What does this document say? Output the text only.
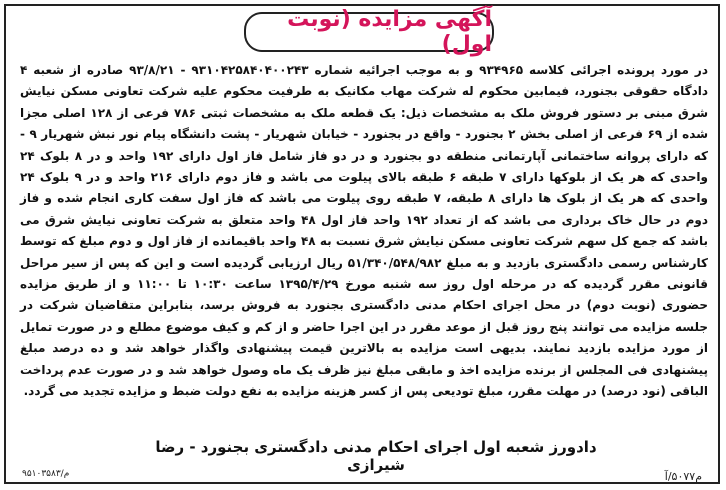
آگهی مزایده (نوبت اول)

در مورد پرونده اجرائی کلاسه ۹۳۴۹۶۵ و به موجب اجرائیه شماره ۹۳۱۰۴۲۵۸۴۰۴۰۰۲۴۳ - ۹۳/۸/۲۱ صادره از شعبه ۴ دادگاه حقوقی بجنورد، فیمابین محکوم له شرکت مهاب مکانیک به طرفیت محکوم علیه شرکت تعاونی مسکن نیایش شرق مبنی بر دستور فروش ملک به مشخصات ذیل: یک قطعه ملک به مشخصات ثبتی ۷۸۶ فرعی از ۱۲۸ اصلی مجزا شده از ۶۹ فرعی از اصلی بخش ۲ بجنورد - واقع در بجنورد - خیابان شهریار - پشت دانشگاه پیام نور نبش شهریار ۹ - که دارای پروانه ساختمانی آپارتمانی منطقه دو بجنورد و در دو فاز شامل فاز اول دارای ۱۹۲ واحد و در ۸ بلوک ۲۴ واحدی که هر یک از بلوکها دارای ۷ طبقه ۶ طبقه بالای پیلوت می باشد و فاز دوم دارای ۲۱۶ واحد و در ۹ بلوک ۲۴ واحدی که هر یک از بلوک ها دارای ۸ طبقه، ۷ طبقه روی پیلوت می باشد که فاز اول سفت کاری انجام شده و فاز دوم در حال خاک برداری می باشد که از تعداد ۱۹۲ واحد فاز اول ۴۸ واحد متعلق به شرکت تعاونی نیایش شرق می باشد که جمع کل سهم شرکت تعاونی مسکن نیایش شرق نسبت به ۴۸ واحد باقیمانده از فاز اول و دوم مبلغ که توسط کارشناس رسمی دادگستری بازدید و به مبلغ ۵۱/۳۴۰/۵۴۸/۹۸۲ ریال ارزیابی گردیده است و این که پس از سیر مراحل قانونی مقرر گردیده که در مرحله اول روز سه شنبه مورخ ۱۳۹۵/۴/۲۹ ساعت ۱۰:۳۰ تا ۱۱:۰۰ و از طریق مزایده حضوری (نوبت دوم) در محل اجرای احکام مدنی دادگستری بجنورد به فروش برسد، بنابراین متقاضیان شرکت در جلسه مزایده می توانند پنج روز قبل از موعد مقرر در این اجرا حاضر و از کم و کیف موضوع مطلع و در صورت تمایل از مورد مزایده بازدید نمایند. بدیهی است مزایده به بالاترین قیمت پیشنهادی واگذار خواهد شد و ده درصد مبلغ پیشنهادی فی المجلس از برنده مزایده اخذ و مابقی مبلغ نیز ظرف یک ماه وصول خواهد شد و در صورت عدم پرداخت الباقی (نود درصد) در مهلت مقرر، مبلغ تودیعی پس از کسر هزینه مزایده به نفع دولت ضبط و مزایده تجدید می گردد.

دادورز شعبه اول اجرای احکام مدنی دادگستری بجنورد - رضا شیرازی
م۵۰۷۷/آ
م/۹۵۱۰۳۵۸۳
